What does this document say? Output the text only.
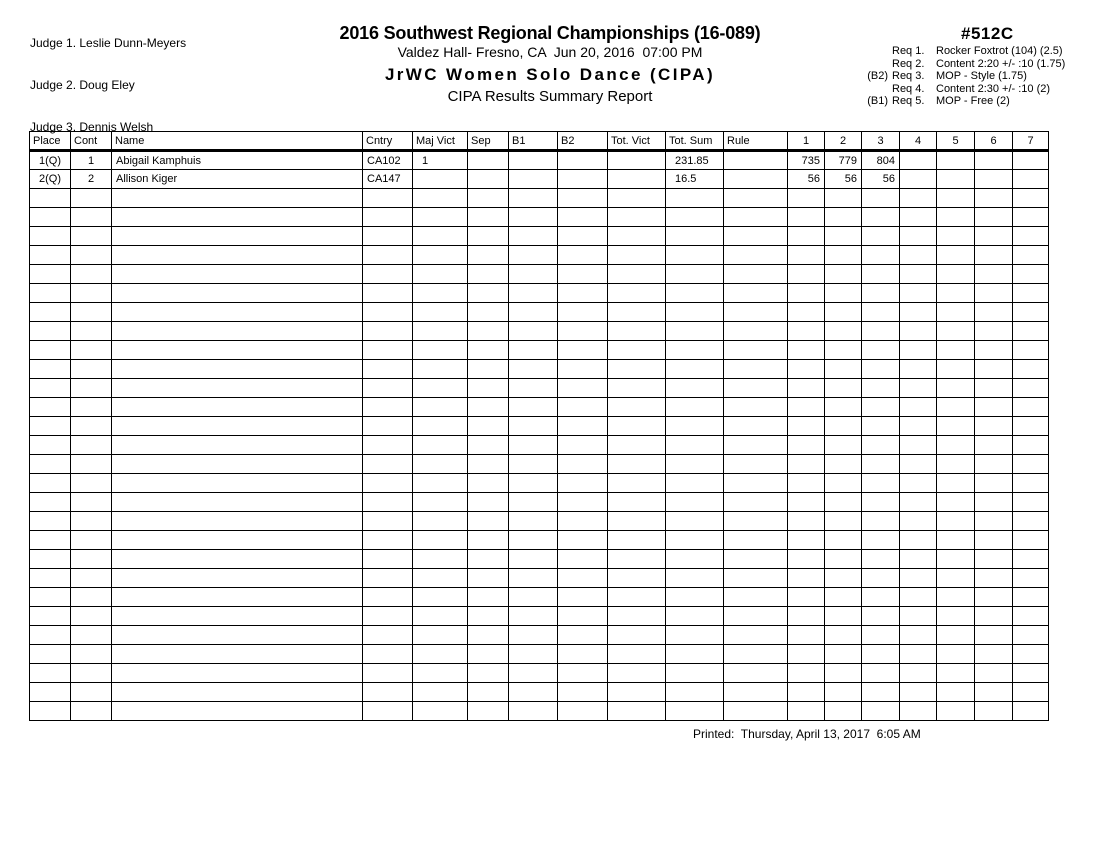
Judge 1. Leslie Dunn-Meyers

Judge 2. Doug Eley

Judge 3. Dennis Welsh

2016 Southwest Regional Championships (16-089)
Valdez Hall- Fresno, CA  Jun 20, 2016  07:00 PM
JrWC Women Solo Dance (CIPA)
CIPA Results Summary Report
#512C
Req 1.	Rocker Foxtrot (104) (2.5)
Req 2.	Content 2:20 +/- :10 (1.75)
(B2) Req 3.	MOP - Style (1.75)
Req 4.	Content 2:30 +/- :10 (2)
(B1) Req 5.	MOP - Free (2)
Place	Cont	Name	Cntry	Maj Vict	Sep	B1	B2	Tot. Vict	Tot. Sum	Rule	1	2	3	4	5	6	7
1(Q)	1	Abigail Kamphuis	CA102	1					231.85		735	779	804				
2(Q)	2	Allison Kiger	CA147						16.5		56	56	56				

Printed:  Thursday, April 13, 2017  6:05 AM
